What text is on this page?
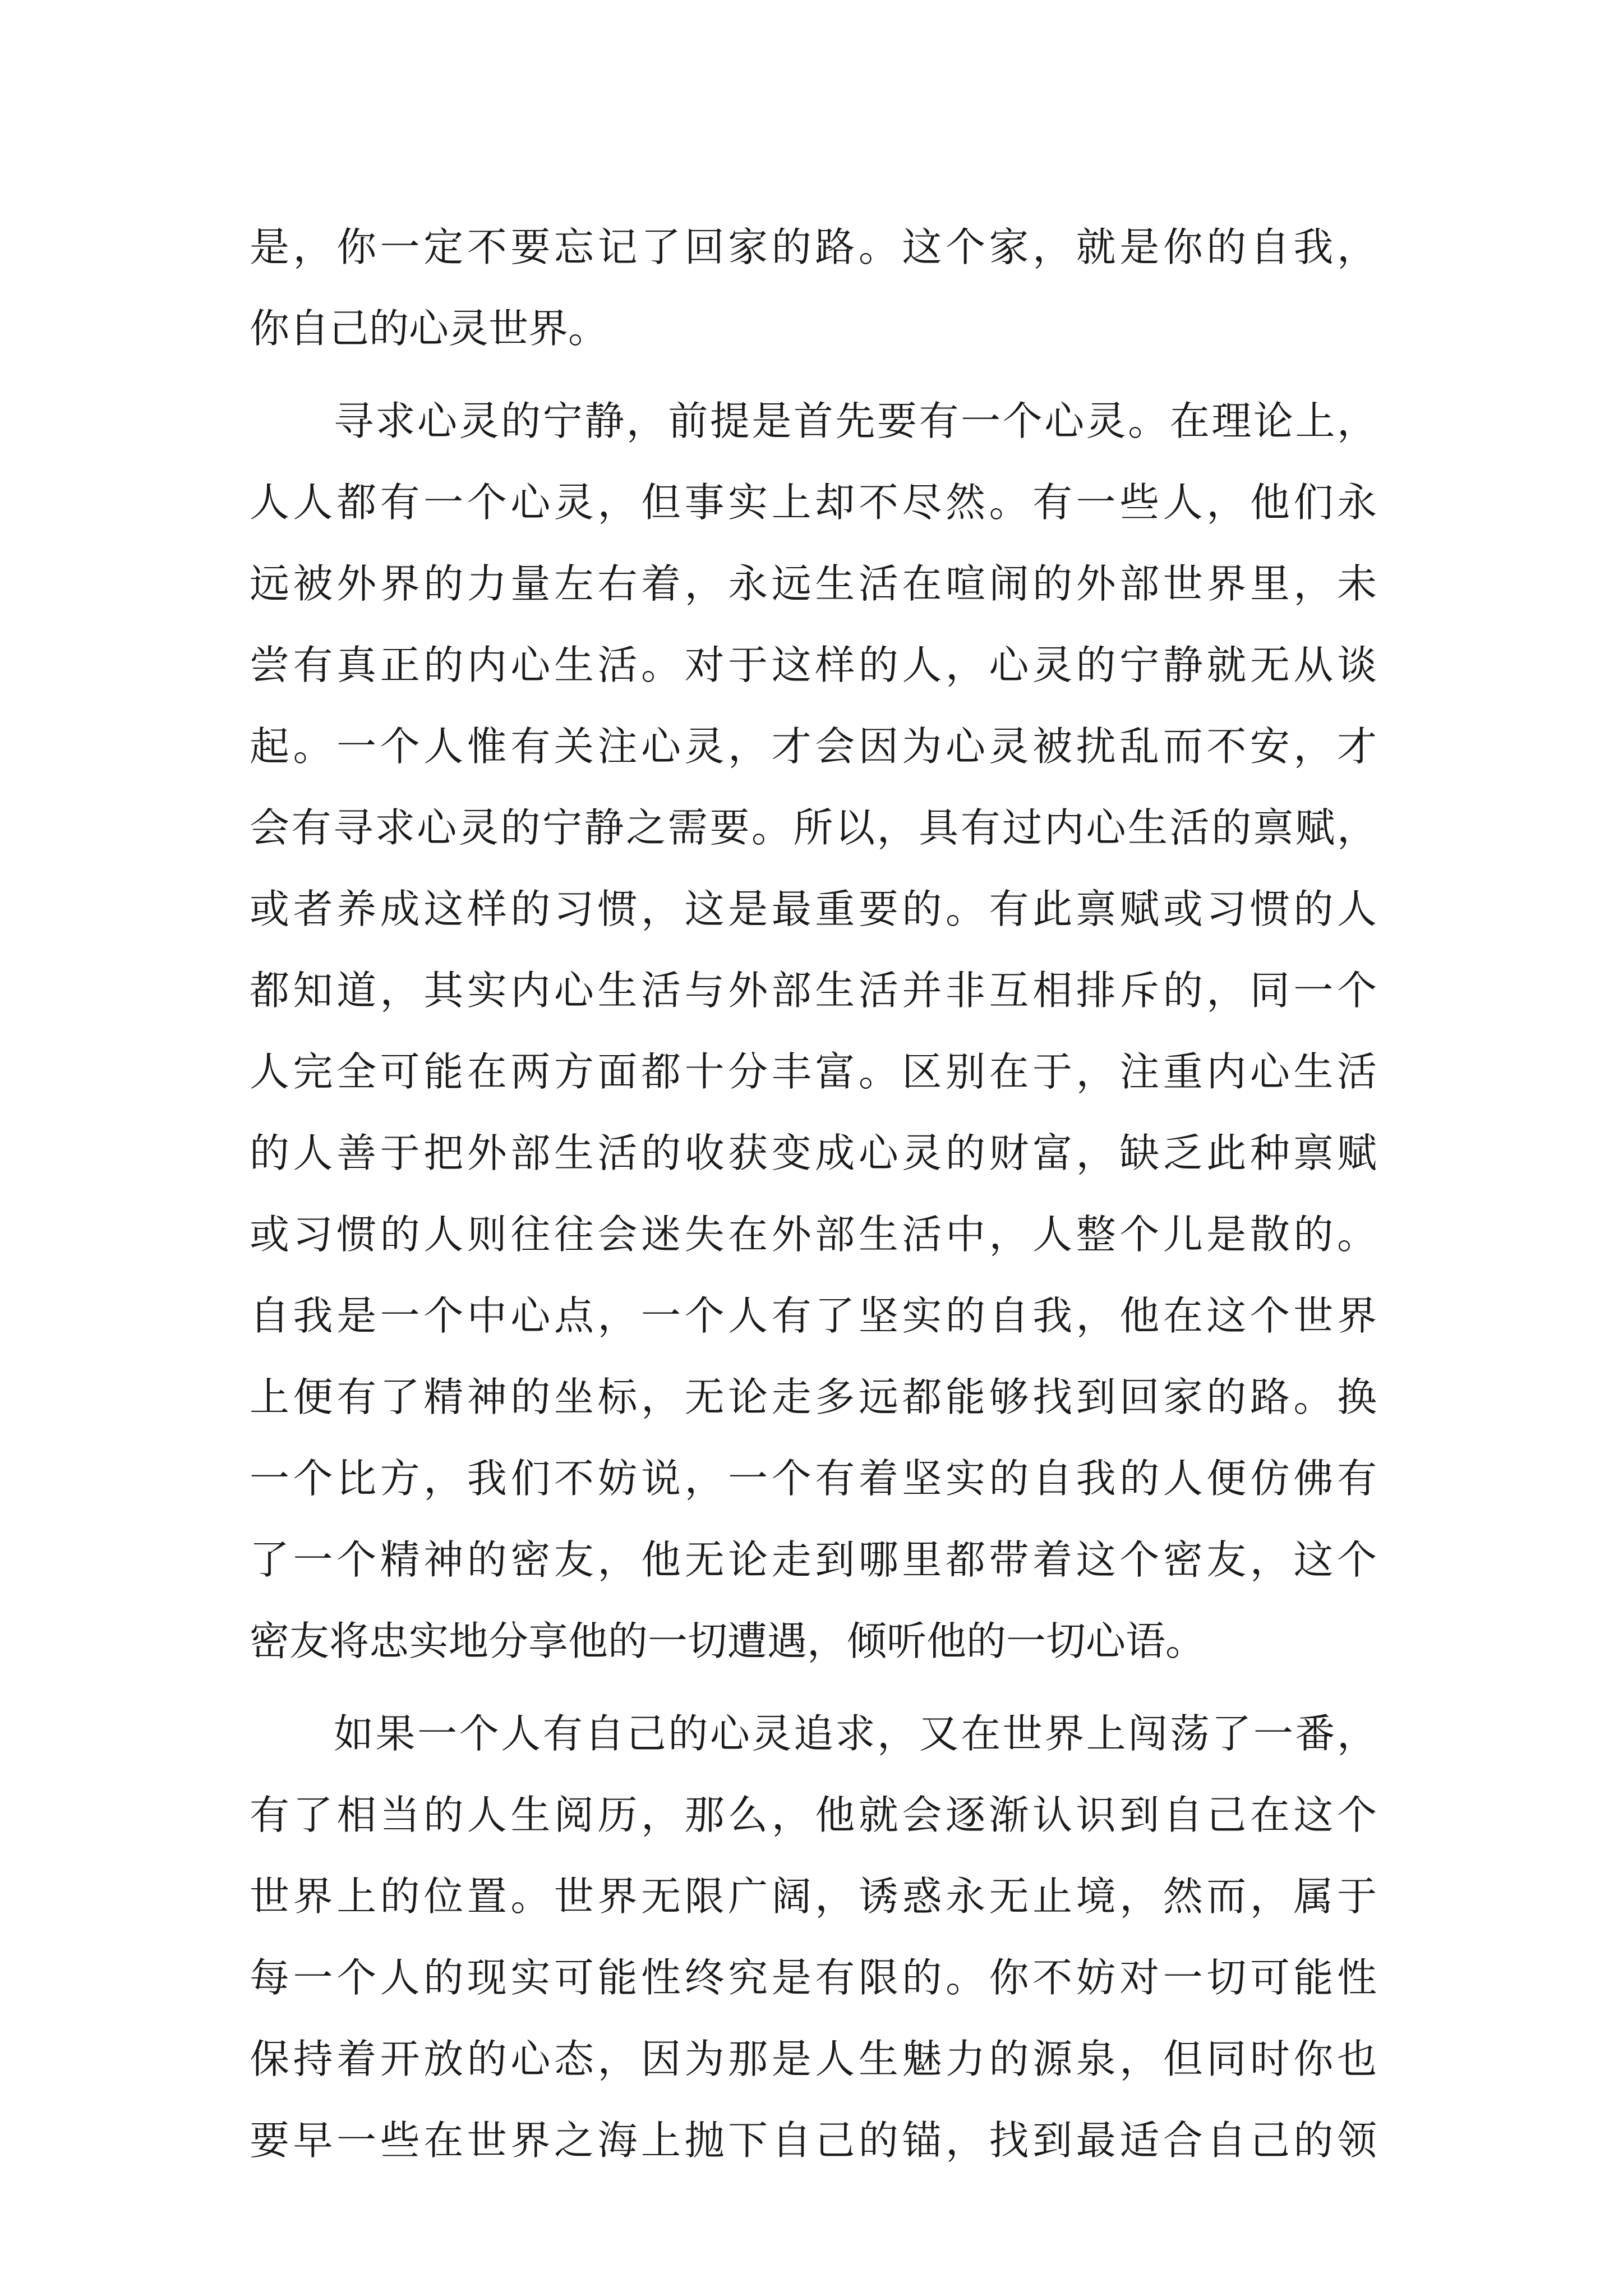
是，你一定不要忘记了回家的路。这个家，就是你的自我，
你自己的心灵世界。
寻求心灵的宁静，前提是首先要有一个心灵。在理论上，
人人都有一个心灵，但事实上却不尽然。有一些人，他们永
远被外界的力量左右着，永远生活在喧闹的外部世界里，未
尝有真正的内心生活。对于这样的人，心灵的宁静就无从谈
起。一个人惟有关注心灵，才会因为心灵被扰乱而不安，才
会有寻求心灵的宁静之需要。所以，具有过内心生活的禀赋，
或者养成这样的习惯，这是最重要的。有此禀赋或习惯的人
都知道，其实内心生活与外部生活并非互相排斥的，同一个
人完全可能在两方面都十分丰富。区别在于，注重内心生活
的人善于把外部生活的收获变成心灵的财富，缺乏此种禀赋
或习惯的人则往往会迷失在外部生活中，人整个儿是散的。
自我是一个中心点，一个人有了坚实的自我，他在这个世界
上便有了精神的坐标，无论走多远都能够找到回家的路。换
一个比方，我们不妨说，一个有着坚实的自我的人便仿佛有
了一个精神的密友，他无论走到哪里都带着这个密友，这个
密友将忠实地分享他的一切遭遇，倾听他的一切心语。
如果一个人有自己的心灵追求，又在世界上闯荡了一番，
有了相当的人生阅历，那么，他就会逐渐认识到自己在这个
世界上的位置。世界无限广阔，诱惑永无止境，然而，属于
每一个人的现实可能性终究是有限的。你不妨对一切可能性
保持着开放的心态，因为那是人生魅力的源泉，但同时你也
要早一些在世界之海上抛下自己的锚，找到最适合自己的领
